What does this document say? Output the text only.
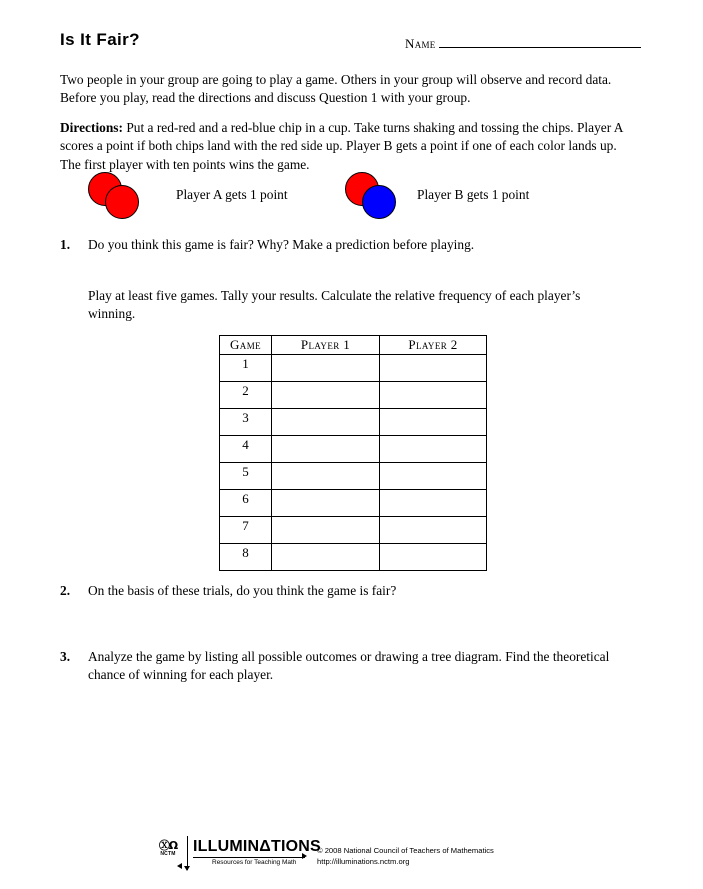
Is It Fair?	Name
Two people in your group are going to play a game. Others in your group will observe and record data. Before you play, read the directions and discuss Question 1 with your group.
Directions: Put a red-red and a red-blue chip in a cup. Take turns shaking and tossing the chips. Player A scores a point if both chips land with the red side up. Player B gets a point if one of each color lands up. The first player with ten points wins the game.
Player A gets 1 point	Player B gets 1 point
1.	Do you think this game is fair? Why? Make a prediction before playing.
Play at least five games. Tally your results. Calculate the relative frequency of each player’s winning.
Game	Player 1	Player 2
1		
2		
3		
4		
5		
6		
7		
8		
2.	On the basis of these trials, do you think the game is fair?
3.	Analyze the game by listing all possible outcomes or drawing a tree diagram. Find the theoretical chance of winning for each player.
ⓍΩ
NCTM	ILLUMINΔTIONS
Resources for Teaching Math
© 2008 National Council of Teachers of Mathematics
http://illuminations.nctm.org
